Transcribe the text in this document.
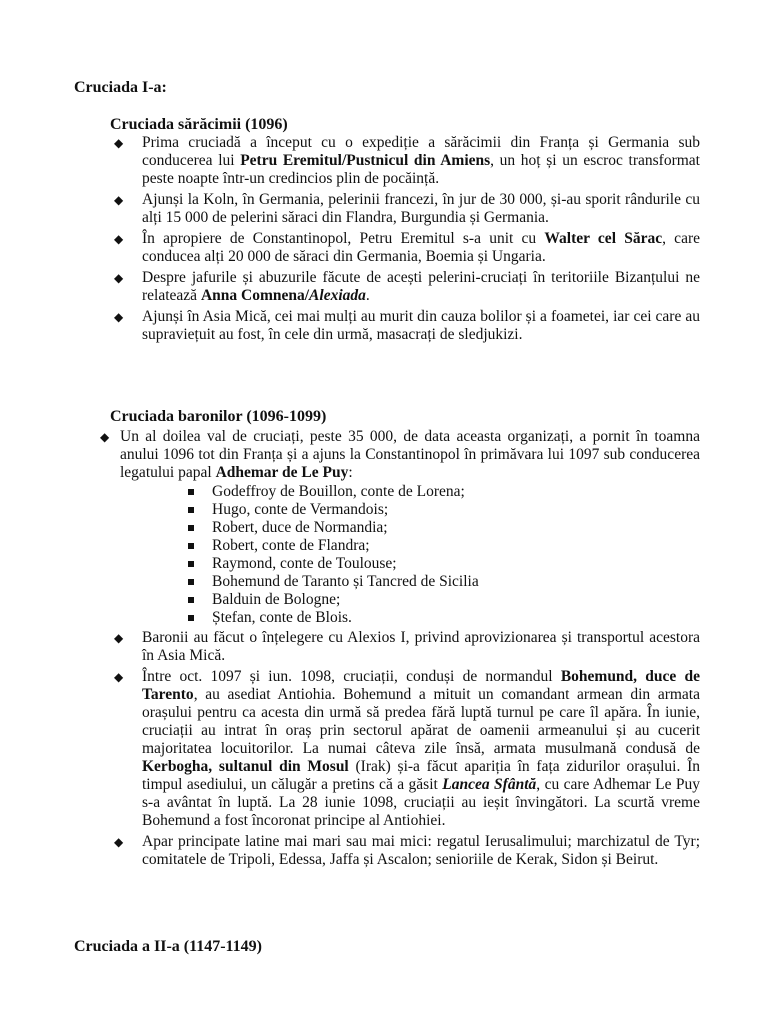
Cruciada I-a:
Cruciada sărăcimii (1096)
◆ Prima cruciadă a început cu o expediție a sărăcimii din Franța și Germania sub conducerea lui Petru Eremitul/Pustnicul din Amiens, un hoț și un escroc transformat peste noapte într-un credincios plin de pocăință.
◆ Ajunși la Koln, în Germania, pelerinii francezi, în jur de 30 000, și-au sporit rândurile cu alți 15 000 de pelerini săraci din Flandra, Burgundia și Germania.
◆ În apropiere de Constantinopol, Petru Eremitul s-a unit cu Walter cel Sărac, care conducea alți 20 000 de săraci din Germania, Boemia și Ungaria.
◆ Despre jafurile și abuzurile făcute de acești pelerini-cruciați în teritoriile Bizanțului ne relatează Anna Comnena/Alexiada.
◆ Ajunși în Asia Mică, cei mai mulți au murit din cauza bolilor și a foametei, iar cei care au supraviețuit au fost, în cele din urmă, masacrați de sledjukizi.
Cruciada baronilor (1096-1099)
◆ Un al doilea val de cruciați, peste 35 000, de data aceasta organizați, a pornit în toamna anului 1096 tot din Franța și a ajuns la Constantinopol în primăvara lui 1097 sub conducerea legatului papal Adhemar de Le Puy:
Godeffroy de Bouillon, conte de Lorena;
Hugo, conte de Vermandois;
Robert, duce de Normandia;
Robert, conte de Flandra;
Raymond, conte de Toulouse;
Bohemund de Taranto și Tancred de Sicilia
Balduin de Bologne;
Ștefan, conte de Blois.
◆ Baronii au făcut o înțelegere cu Alexios I, privind aprovizionarea și transportul acestora în Asia Mică.
◆ Între oct. 1097 și iun. 1098, cruciații, conduși de normandul Bohemund, duce de Tarento, au asediat Antiohia. Bohemund a mituit un comandant armean din armata orașului pentru ca acesta din urmă să predea fără luptă turnul pe care îl apăra. În iunie, cruciații au intrat în oraș prin sectorul apărat de oamenii armeanului și au cucerit majoritatea locuitorilor. La numai câteva zile însă, armata musulmană condusă de Kerbogha, sultanul din Mosul (Irak) și-a făcut apariția în fața zidurilor orașului. În timpul asediului, un călugăr a pretins că a găsit Lancea Sfântă, cu care Adhemar Le Puy s-a avântat în luptă. La 28 iunie 1098, cruciații au ieșit învingători. La scurtă vreme Bohemund a fost încoronat principe al Antiohiei.
◆ Apar principate latine mai mari sau mai mici: regatul Ierusalimului; marchizatul de Tyr; comitatele de Tripoli, Edessa, Jaffa și Ascalon; senioriile de Kerak, Sidon și Beirut.
Cruciada a II-a (1147-1149)
